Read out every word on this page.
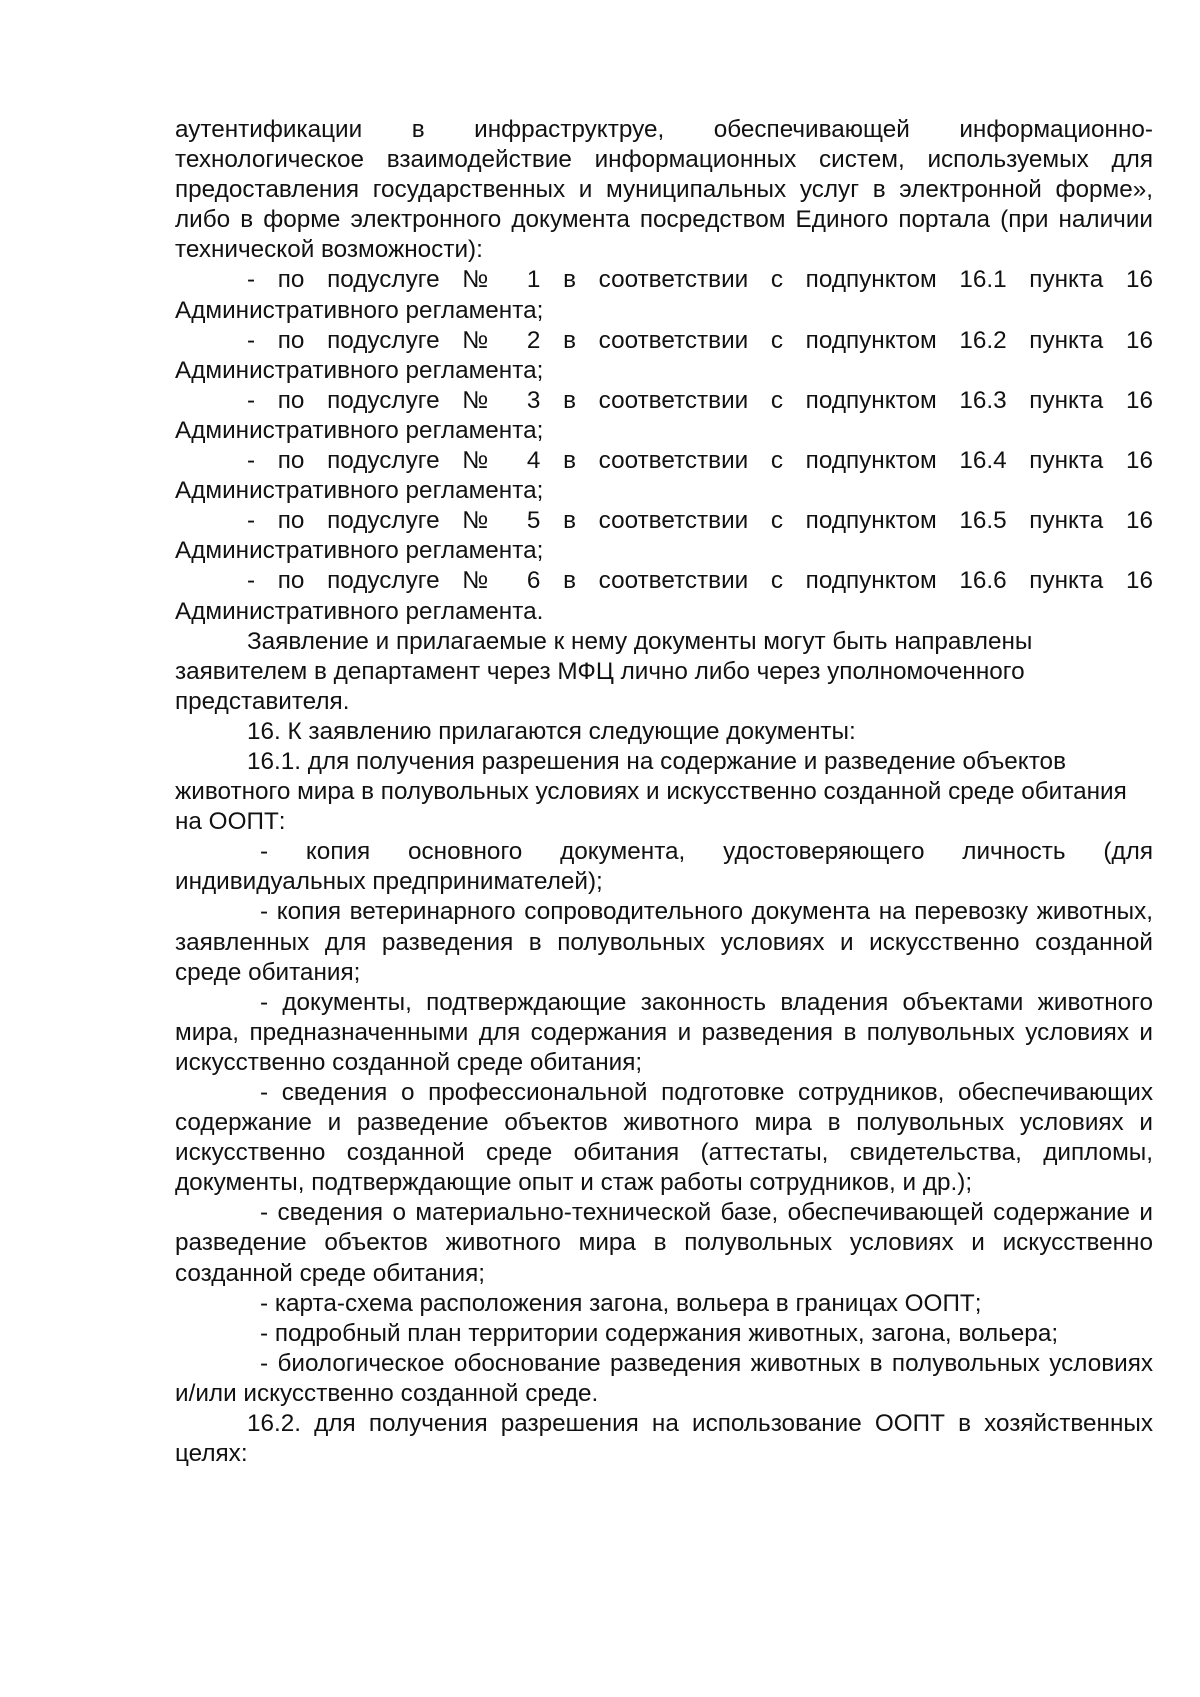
аутентификации в инфраструктруе, обеспечивающей информационно-технологическое взаимодействие информационных систем, используемых для предоставления государственных и муниципальных услуг в электронной форме», либо в форме электронного документа посредством Единого портала (при наличии технической возможности):

- по подуслуге № 1 в соответствии с подпунктом 16.1 пункта 16 Административного регламента;
- по подуслуге № 2 в соответствии с подпунктом 16.2 пункта 16 Административного регламента;
- по подуслуге № 3 в соответствии с подпунктом 16.3 пункта 16 Административного регламента;
- по подуслуге № 4 в соответствии с подпунктом 16.4 пункта 16 Административного регламента;
- по подуслуге № 5 в соответствии с подпунктом 16.5 пункта 16 Административного регламента;
- по подуслуге № 6 в соответствии с подпунктом 16.6 пункта 16 Административного регламента.

Заявление и прилагаемые к нему документы могут быть направлены заявителем в департамент через МФЦ лично либо через уполномоченного представителя.

16. К заявлению прилагаются следующие документы:

16.1. для получения разрешения на содержание и разведение объектов животного мира в полувольных условиях и искусственно созданной среде обитания на ООПТ:

- копия основного документа, удостоверяющего личность (для индивидуальных предпринимателей);
- копия ветеринарного сопроводительного документа на перевозку животных, заявленных для разведения в полувольных условиях и искусственно созданной среде обитания;
- документы, подтверждающие законность владения объектами животного мира, предназначенными для содержания и разведения в полувольных условиях и искусственно созданной среде обитания;
- сведения о профессиональной подготовке сотрудников, обеспечивающих содержание и разведение объектов животного мира в полувольных условиях и искусственно созданной среде обитания (аттестаты, свидетельства, дипломы, документы, подтверждающие опыт и стаж работы сотрудников, и др.);
- сведения о материально-технической базе, обеспечивающей содержание и разведение объектов животного мира в полувольных условиях и искусственно созданной среде обитания;
- карта-схема расположения загона, вольера в границах ООПТ;
- подробный план территории содержания животных, загона, вольера;
- биологическое обоснование разведения животных в полувольных условиях и/или искусственно созданной среде.

16.2. для получения разрешения на использование ООПТ в хозяйственных целях:
